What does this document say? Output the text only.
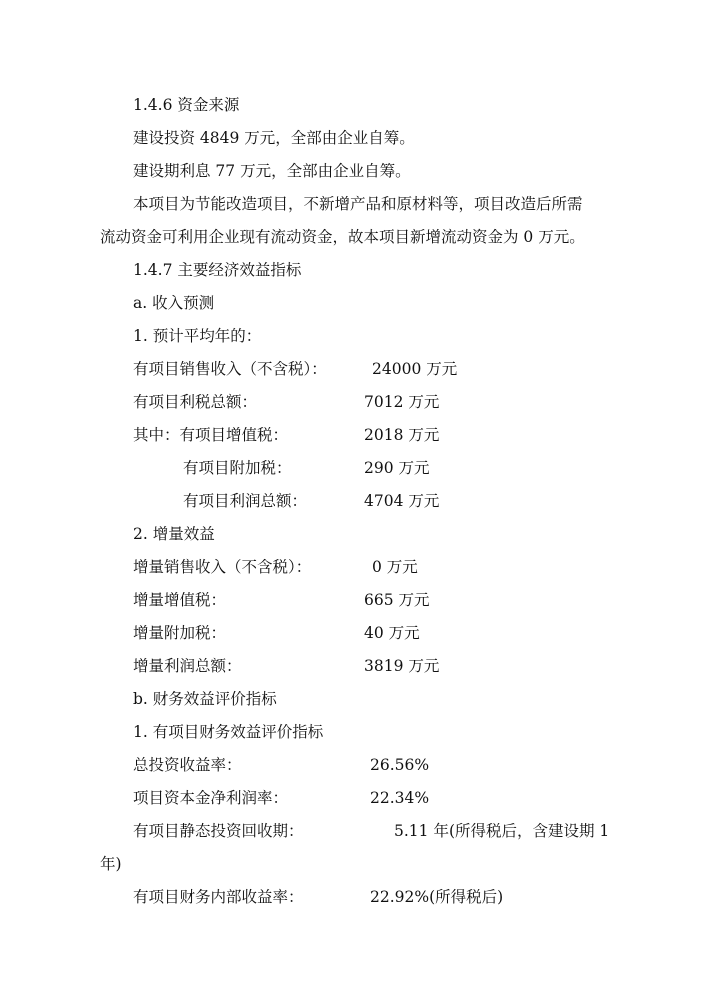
1.4.6 资金来源
建设投资 4849 万元，全部由企业自筹。
建设期利息 77 万元，全部由企业自筹。
本项目为节能改造项目，不新增产品和原材料等，项目改造后所需
流动资金可利用企业现有流动资金，故本项目新增流动资金为 0 万元。
1.4.7 主要经济效益指标
a. 收入预测
1. 预计平均年的：
有项目销售收入（不含税）：	24000 万元
有项目利税总额：	7012 万元
其中：有项目增值税：	2018 万元
有项目附加税：	290 万元
有项目利润总额：	4704 万元
2. 增量效益
增量销售收入（不含税）：	0 万元
增量增值税：	665 万元
增量附加税：	40 万元
增量利润总额：	3819 万元
b. 财务效益评价指标
1. 有项目财务效益评价指标
总投资收益率：	26.56%
项目资本金净利润率：	22.34%
有项目静态投资回收期：	5.11 年(所得税后，含建设期 1
年)
有项目财务内部收益率：	22.92%(所得税后)
